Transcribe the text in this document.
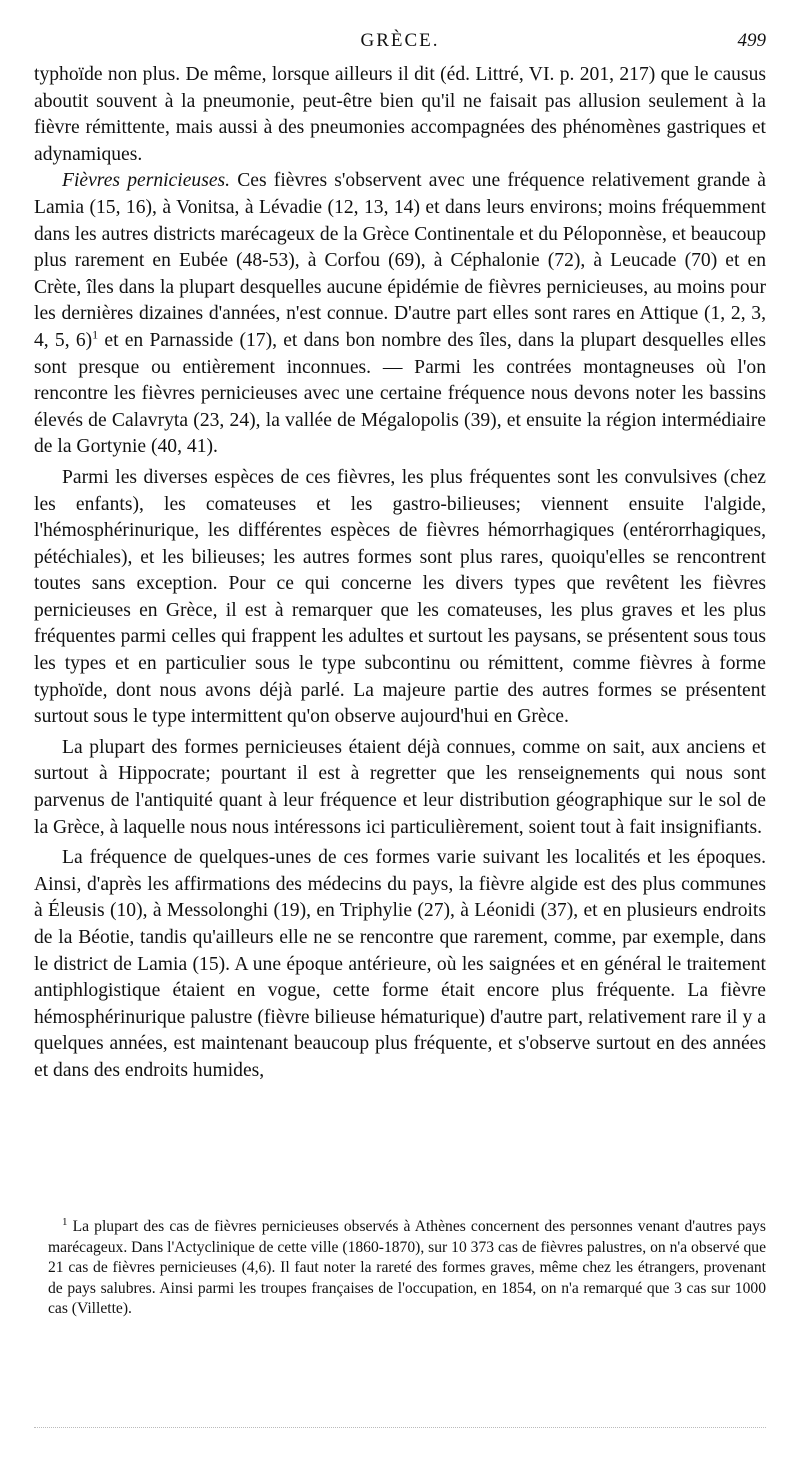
GRÈCE.	499

typhoïde non plus. De même, lorsque ailleurs il dit (éd. Littré, VI. p. 201, 217) que le causus aboutit souvent à la pneumonie, peut-être bien qu'il ne faisait pas allusion seulement à la fièvre rémittente, mais aussi à des pneumonies accompagnées des phénomènes gastriques et adynamiques.

Fièvres pernicieuses. Ces fièvres s'observent avec une fréquence relativement grande à Lamia (15, 16), à Vonitsa, à Lévadie (12, 13, 14) et dans leurs environs; moins fréquemment dans les autres districts marécageux de la Grèce Continentale et du Péloponnèse, et beaucoup plus rarement en Eubée (48-53), à Corfou (69), à Céphalonie (72), à Leucade (70) et en Crète, îles dans la plupart desquelles aucune épidémie de fièvres pernicieuses, au moins pour les dernières dizaines d'années, n'est connue. D'autre part elles sont rares en Attique (1, 2, 3, 4, 5, 6)$^1$ et en Parnasside (17), et dans bon nombre des îles, dans la plupart desquelles elles sont presque ou entièrement inconnues. — Parmi les contrées montagneuses où l'on rencontre les fièvres pernicieuses avec une certaine fréquence nous devons noter les bassins élevés de Calavryta (23, 24), la vallée de Mégalopolis (39), et ensuite la région intermédiaire de la Gortynie (40, 41).

Parmi les diverses espèces de ces fièvres, les plus fréquentes sont les convulsives (chez les enfants), les comateuses et les gastro-bilieuses; viennent ensuite l'algide, l'hémosphérinurique, les différentes espèces de fièvres hémorrhagiques (entérorrhagiques, pétéchiales), et les bilieuses; les autres formes sont plus rares, quoiqu'elles se rencontrent toutes sans exception. Pour ce qui concerne les divers types que revêtent les fièvres pernicieuses en Grèce, il est à remarquer que les comateuses, les plus graves et les plus fréquentes parmi celles qui frappent les adultes et surtout les paysans, se présentent sous tous les types et en particulier sous le type subcontinu ou rémittent, comme fièvres à forme typhoïde, dont nous avons déjà parlé. La majeure partie des autres formes se présentent surtout sous le type intermittent qu'on observe aujourd'hui en Grèce.

La plupart des formes pernicieuses étaient déjà connues, comme on sait, aux anciens et surtout à Hippocrate; pourtant il est à regretter que les renseignements qui nous sont parvenus de l'antiquité quant à leur fréquence et leur distribution géographique sur le sol de la Grèce, à laquelle nous nous intéressons ici particulièrement, soient tout à fait insignifiants.

La fréquence de quelques-unes de ces formes varie suivant les localités et les époques. Ainsi, d'après les affirmations des médecins du pays, la fièvre algide est des plus communes à Éleusis (10), à Messolonghi (19), en Triphylie (27), à Léonidi (37), et en plusieurs endroits de la Béotie, tandis qu'ailleurs elle ne se rencontre que rarement, comme, par exemple, dans le district de Lamia (15). A une époque antérieure, où les saignées et en général le traitement antiphlogistique étaient en vogue, cette forme était encore plus fréquente. La fièvre hémosphérinurique palustre (fièvre bilieuse hématurique) d'autre part, relativement rare il y a quelques années, est maintenant beaucoup plus fréquente, et s'observe surtout en des années et dans des endroits humides,

$^1$ La plupart des cas de fièvres pernicieuses observés à Athènes concernent des personnes venant d'autres pays marécageux. Dans l'Actyclinique de cette ville (1860-1870), sur 10 373 cas de fièvres palustres, on n'a observé que 21 cas de fièvres pernicieuses (4,6). Il faut noter la rareté des formes graves, même chez les étrangers, provenant de pays salubres. Ainsi parmi les troupes françaises de l'occupation, en 1854, on n'a remarqué que 3 cas sur 1000 cas (Villette).
